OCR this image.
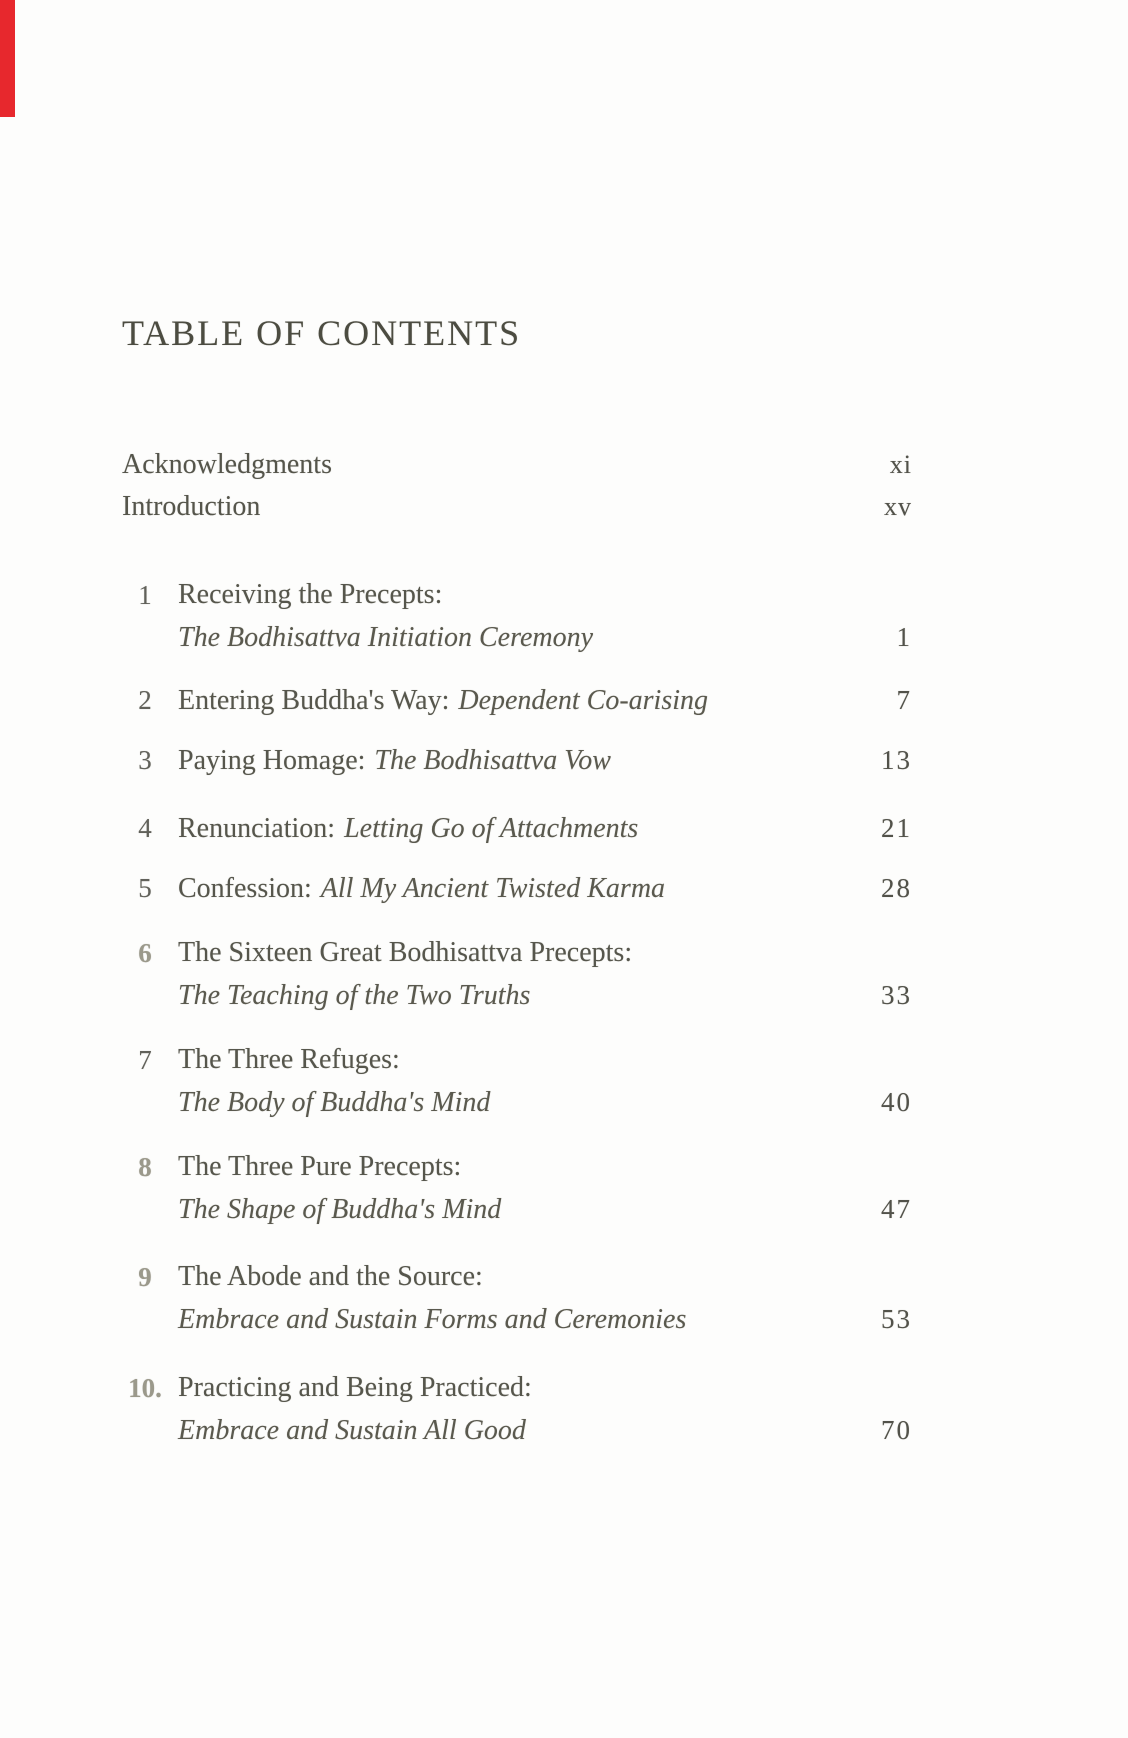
TABLE OF CONTENTS
Acknowledgments	xi
Introduction	xv
1 Receiving the Precepts:
The Bodhisattva Initiation Ceremony	1
2 Entering Buddha's Way: Dependent Co-arising	7
3 Paying Homage: The Bodhisattva Vow	13
4 Renunciation: Letting Go of Attachments	21
5 Confession: All My Ancient Twisted Karma	28
6 The Sixteen Great Bodhisattva Precepts:
The Teaching of the Two Truths	33
7 The Three Refuges:
The Body of Buddha's Mind	40
8 The Three Pure Precepts:
The Shape of Buddha's Mind	47
9 The Abode and the Source:
Embrace and Sustain Forms and Ceremonies	53
10. Practicing and Being Practiced:
Embrace and Sustain All Good	70
